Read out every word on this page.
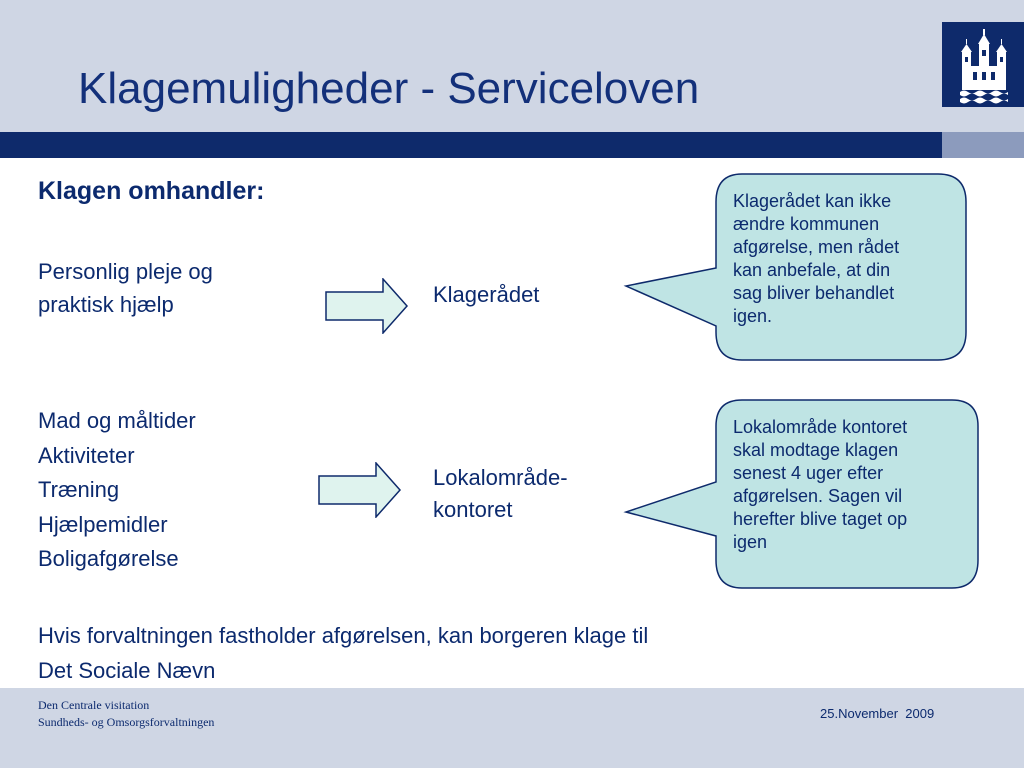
Klagemuligheder - Serviceloven
Klagen omhandler:
Personlig pleje og
praktisk hjælp	Klagerådet
Klagerådet kan ikke
ændre kommunen
afgørelse, men rådet
kan anbefale, at din
sag bliver behandlet
igen.
Mad og måltider
Aktiviteter
Træning
Hjælpemidler
Boligafgørelse
Lokalområde-
kontoret
Lokalområde kontoret
skal modtage klagen
senest 4 uger efter
afgørelsen. Sagen vil
herefter blive taget op
igen
Hvis forvaltningen fastholder afgørelsen, kan borgeren klage til
Det Sociale Nævn
Den Centrale visitation
Sundheds- og Omsorgsforvaltningen
25.November  2009
